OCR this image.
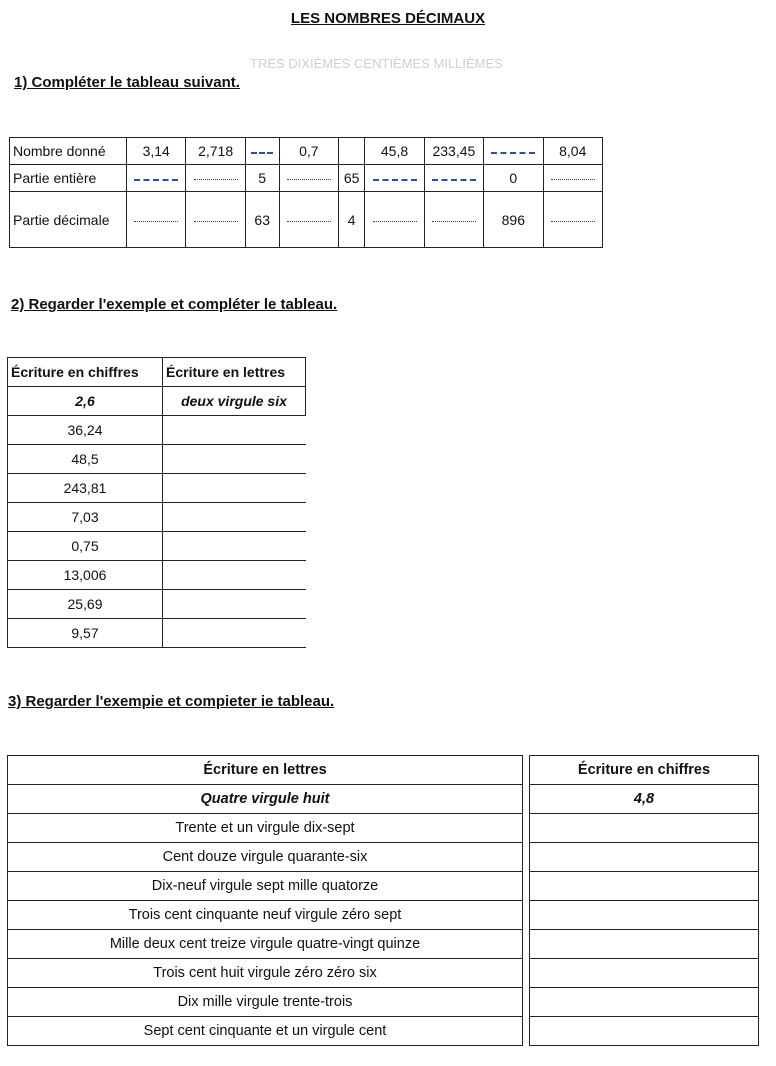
TRES DIXIÈMES CENTIÈMES MILLIÈMES
LES NOMBRES DÉCIMAUX
1) Compléter le tableau suivant.
Nombre donné	3,14	2,718		0,7		45,8	233,45		8,04
Partie entière			5		65			0	
Partie décimale			63		4			896	
2) Regarder l'exemple et compléter le tableau.
Écriture en chiffres	Écriture en lettres
2,6	deux virgule six
36,24	
48,5	
243,81	
7,03	
0,75	
13,006	
25,69	
9,57	
3) Regarder l'exempie et compieter ie tableau.
Écriture en lettres		Écriture en chiffres
Quatre virgule huit		4,8
Trente et un virgule dix-sept		
Cent douze virgule quarante-six		
Dix-neuf virgule sept mille quatorze		
Trois cent cinquante neuf virgule zéro sept		
Mille deux cent treize virgule quatre-vingt quinze		
Trois cent huit virgule zéro zéro six		
Dix mille virgule trente-trois		
Sept cent cinquante et un virgule cent		
